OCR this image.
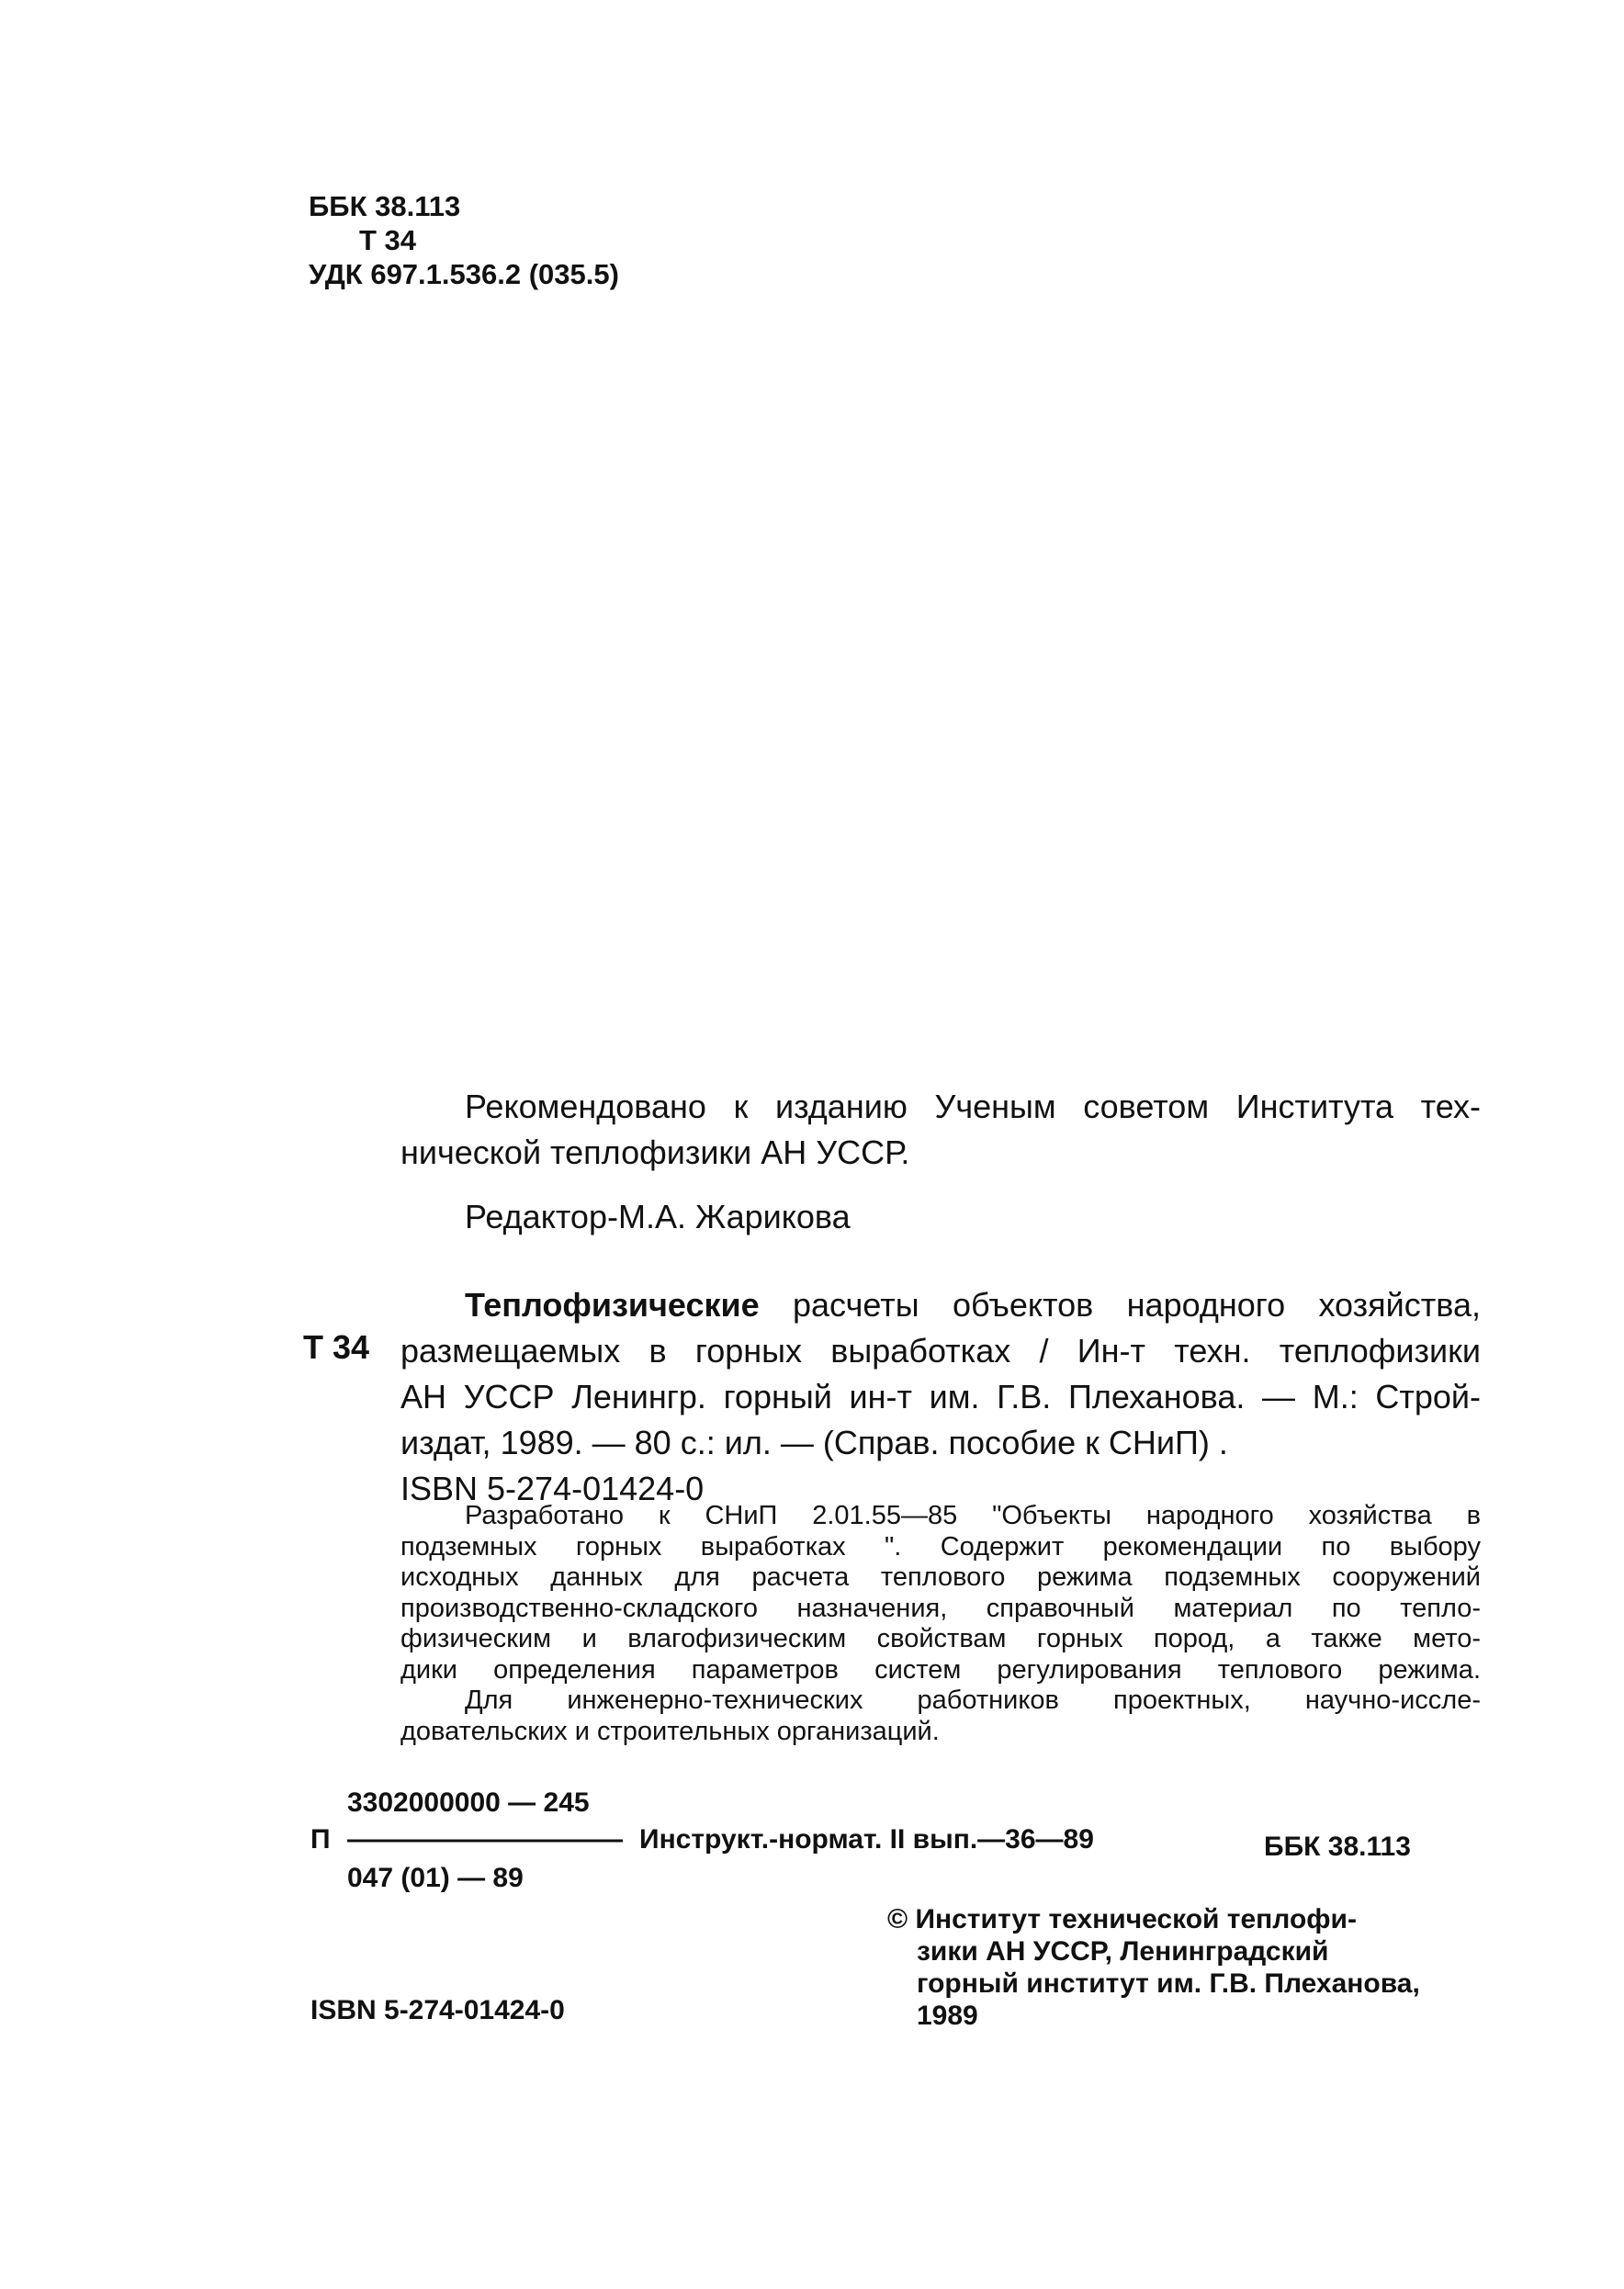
ББК 38.113
Т 34
УДК 697.1.536.2 (035.5)
Рекомендовано к изданию Ученым советом Института тех-
нической теплофизики АН УССР.
Редактор-М.А. Жарикова
Т 34
Теплофизические расчеты объектов народного хозяйства,
размещаемых в горных выработках / Ин-т техн. теплофизики
АН УССР Ленингр. горный ин-т им. Г.В. Плеханова. — М.: Строй-
издат, 1989. — 80 с.: ил. — (Справ. пособие к СНиП) .
ISBN 5-274-01424-0
Разработано к СНиП 2.01.55—85 "Объекты народного хозяйства в
подземных горных выработках ". Содержит рекомендации по выбору
исходных данных для расчета теплового режима подземных сооружений
производственно-складского назначения, справочный материал по тепло-
физическим и влагофизическим свойствам горных пород, а также мето-
дики определения параметров систем регулирования теплового режима.
Для инженерно-технических работников проектных, научно-иссле-
довательских и строительных организаций.
3302000000 — 245
П —————————— Инструкт.-нормат. II вып.—36—89	ББК 38.113
047 (01) — 89
© Институт технической теплофи-
зики АН УССР, Ленинградский
горный институт им. Г.В. Плеханова,
1989
ISBN 5-274-01424-0
